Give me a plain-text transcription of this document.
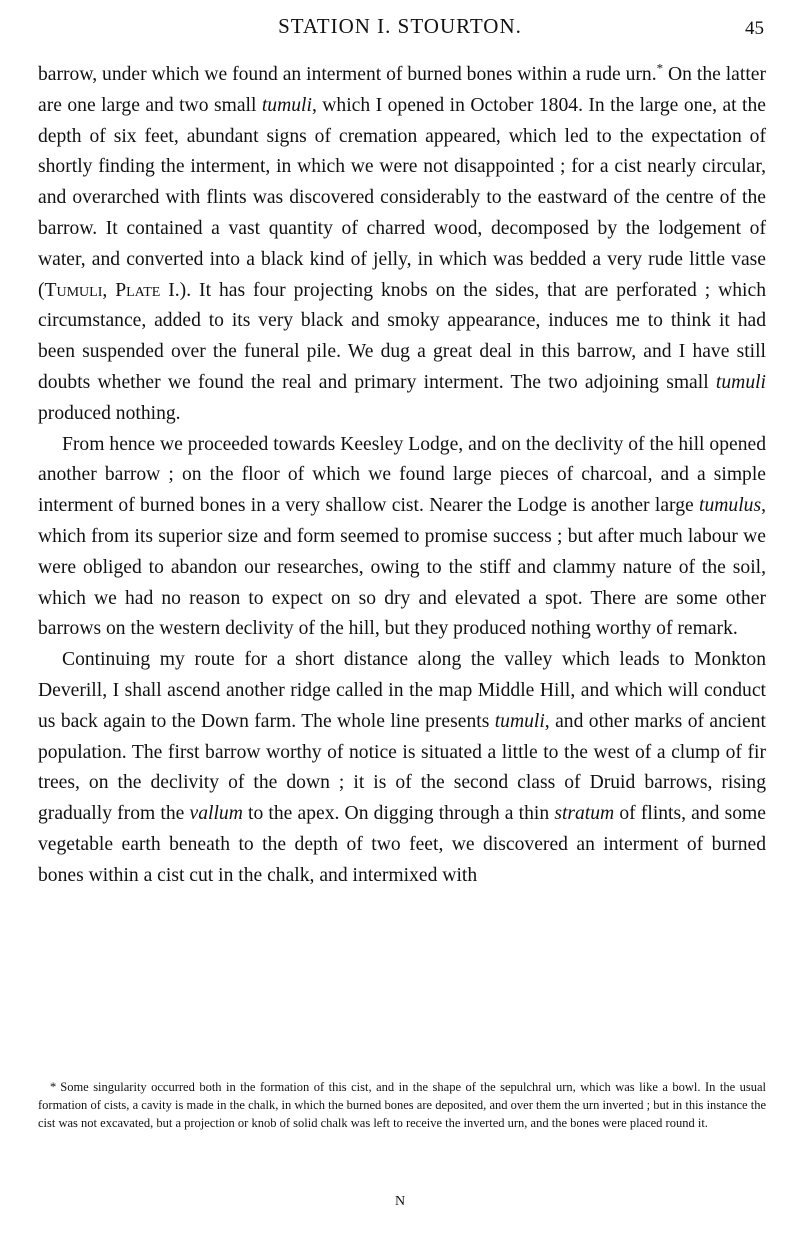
STATION I. STOURTON.	45

barrow, under which we found an interment of burned bones within a rude urn.* On the latter are one large and two small tumuli, which I opened in October 1804. In the large one, at the depth of six feet, abundant signs of cremation appeared, which led to the expectation of shortly finding the interment, in which we were not disappointed ; for a cist nearly circular, and overarched with flints was discovered considerably to the eastward of the centre of the barrow. It contained a vast quantity of charred wood, decomposed by the lodgement of water, and converted into a black kind of jelly, in which was bedded a very rude little vase (Tumuli, Plate I.). It has four projecting knobs on the sides, that are perforated ; which circumstance, added to its very black and smoky appearance, induces me to think it had been suspended over the funeral pile. We dug a great deal in this barrow, and I have still doubts whether we found the real and primary interment. The two adjoining small tumuli produced nothing.

From hence we proceeded towards Keesley Lodge, and on the declivity of the hill opened another barrow ; on the floor of which we found large pieces of charcoal, and a simple interment of burned bones in a very shallow cist. Nearer the Lodge is another large tumulus, which from its superior size and form seemed to promise success ; but after much labour we were obliged to abandon our researches, owing to the stiff and clammy nature of the soil, which we had no reason to expect on so dry and elevated a spot. There are some other barrows on the western declivity of the hill, but they produced nothing worthy of remark.

Continuing my route for a short distance along the valley which leads to Monkton Deverill, I shall ascend another ridge called in the map Middle Hill, and which will conduct us back again to the Down farm. The whole line presents tumuli, and other marks of ancient population. The first barrow worthy of notice is situated a little to the west of a clump of fir trees, on the declivity of the down ; it is of the second class of Druid barrows, rising gradually from the vallum to the apex. On digging through a thin stratum of flints, and some vegetable earth beneath to the depth of two feet, we discovered an interment of burned bones within a cist cut in the chalk, and intermixed with

* Some singularity occurred both in the formation of this cist, and in the shape of the sepulchral urn, which was like a bowl. In the usual formation of cists, a cavity is made in the chalk, in which the burned bones are deposited, and over them the urn inverted ; but in this instance the cist was not excavated, but a projection or knob of solid chalk was left to receive the inverted urn, and the bones were placed round it.
N
